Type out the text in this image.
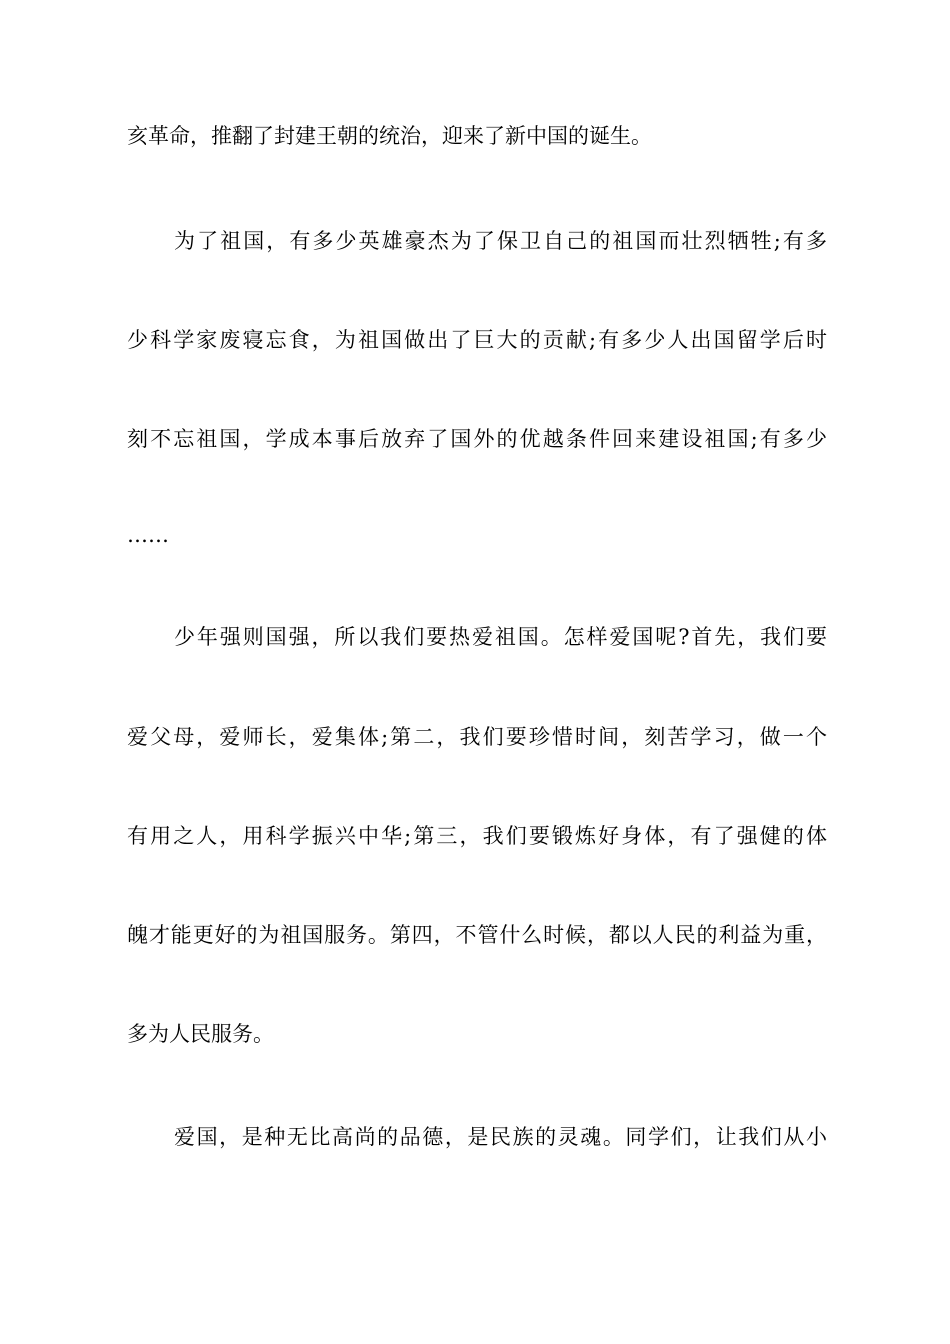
亥革命，推翻了封建王朝的统治，迎来了新中国的诞生。
为了祖国，有多少英雄豪杰为了保卫自己的祖国而壮烈牺牲;有多
少科学家废寝忘食，为祖国做出了巨大的贡献;有多少人出国留学后时
刻不忘祖国，学成本事后放弃了国外的优越条件回来建设祖国;有多少
……
少年强则国强，所以我们要热爱祖国。怎样爱国呢?首先，我们要
爱父母，爱师长，爱集体;第二，我们要珍惜时间，刻苦学习，做一个
有用之人，用科学振兴中华;第三，我们要锻炼好身体，有了强健的体
魄才能更好的为祖国服务。第四，不管什么时候，都以人民的利益为重，
多为人民服务。
爱国，是种无比高尚的品德，是民族的灵魂。同学们，让我们从小
